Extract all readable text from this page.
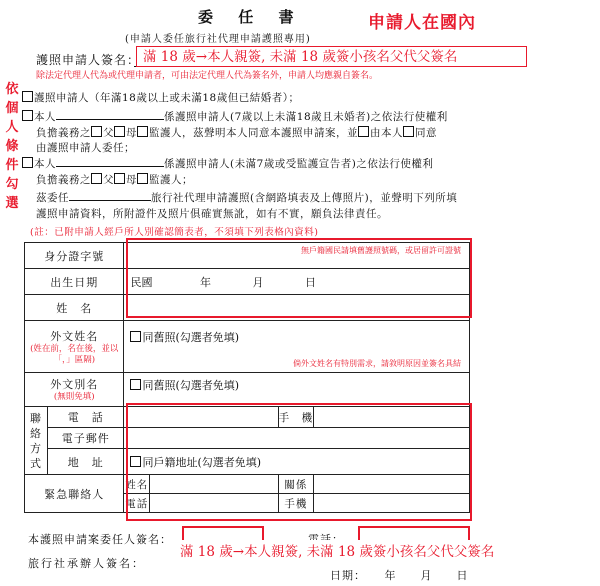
委 任 書
(申請人委任旅行社代理申請護照專用)
申請人在國內
護照申請人簽名： 滿 18 歲→本人親簽, 未滿 18 歲簽小孩名父代父簽名
除法定代理人代為或代理申請者，可由法定代理人代為簽名外，申請人均應親自簽名。
依個人條件勾選
護照申請人（年滿18歲以上或未滿18歲但已結婚者）；
本人	係護照申請人(7歲以上未滿18歲且未婚者)之依法行使權利
負擔義務之 父 母 監護人，茲聲明本人同意本護照申請案，並 由本人 同意
由護照申請人委任；
本人	係護照申請人(未滿7歲或受監護宣告者)之依法行使權利
負擔義務之 父 母 監護人；
茲委任	旅行社代理申請護照(含網路填表及上傳照片)，並聲明下列所填
護照申請資料，所附證件及照片俱確實無訛，如有不實，願負法律責任。
(註：已附申請人經戶所人別確認簡表者，不須填下列表格內資料)
身分證字號		無戶籍國民請填舊護照號碼，或居留許可證號			

出生日期		民國 年 月 日			
姓　名					
外文姓名
(姓在前，名在後，並以「，」區隔)		同舊照(勾選者免填)
倘外文姓名有特別需求，請敘明原因並簽名具結			

外文別名
(無則免填)		同舊照(勾選者免填)			
聯絡方式	電　話			手　機	
	電子郵件				
	地　址	同戶籍地址(勾選者免填)			
緊急聯絡人		姓名		關係	
		電話		手機	
本護照申請案委任人簽名：
旅行社承辦人簽名：
日期：　　年　　月　　日
滿 18 歲→本人親簽, 未滿 18 歲簽小孩名父代父簽名
